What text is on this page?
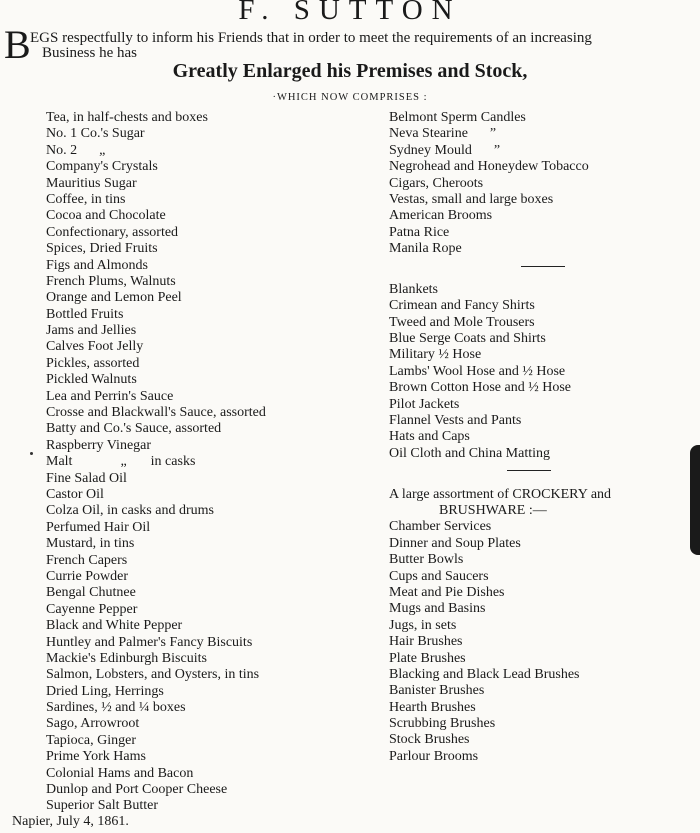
F. SUTTON
B EGS respectfully to inform his Friends that in order to meet the requirements of an increasing
Business he has
Greatly Enlarged his Premises and Stock,
·WHICH NOW COMPRISES :
Tea, in half-chests and boxes
No. 1 Co.'s Sugar
No. 2 „
Company's Crystals
Mauritius Sugar
Coffee, in tins
Cocoa and Chocolate
Confectionary, assorted
Spices, Dried Fruits
Figs and Almonds
French Plums, Walnuts
Orange and Lemon Peel
Bottled Fruits
Jams and Jellies
Calves Foot Jelly
Pickles, assorted
Pickled Walnuts
Lea and Perrin's Sauce
Crosse and Blackwall's Sauce, assorted
Batty and Co.'s Sauce, assorted
Raspberry Vinegar
Malt	„ in casks
Fine Salad Oil
Castor Oil
Colza Oil, in casks and drums
Perfumed Hair Oil
Mustard, in tins
French Capers
Currie Powder
Bengal Chutnee
Cayenne Pepper
Black and White Pepper
Huntley and Palmer's Fancy Biscuits
Mackie's Edinburgh Biscuits
Salmon, Lobsters, and Oysters, in tins
Dried Ling, Herrings
Sardines, ½ and ¼ boxes
Sago, Arrowroot
Tapioca, Ginger
Prime York Hams
Colonial Hams and Bacon
Dunlop and Port Cooper Cheese
Superior Salt Butter
Belmont Sperm Candles
Neva Stearine ”
Sydney Mould ”
Negrohead and Honeydew Tobacco
Cigars, Cheroots
Vestas, small and large boxes
American Brooms
Patna Rice
Manila Rope
Blankets
Crimean and Fancy Shirts
Tweed and Mole Trousers
Blue Serge Coats and Shirts
Military ½ Hose
Lambs' Wool Hose and ½ Hose
Brown Cotton Hose and ½ Hose
Pilot Jackets
Flannel Vests and Pants
Hats and Caps
Oil Cloth and China Matting
A large assortment of CROCKERY and
BRUSHWARE :—
Chamber Services
Dinner and Soup Plates
Butter Bowls
Cups and Saucers
Meat and Pie Dishes
Mugs and Basins
Jugs, in sets
Hair Brushes
Plate Brushes
Blacking and Black Lead Brushes
Banister Brushes
Hearth Brushes
Scrubbing Brushes
Stock Brushes
Parlour Brooms
Napier, July 4, 1861.
